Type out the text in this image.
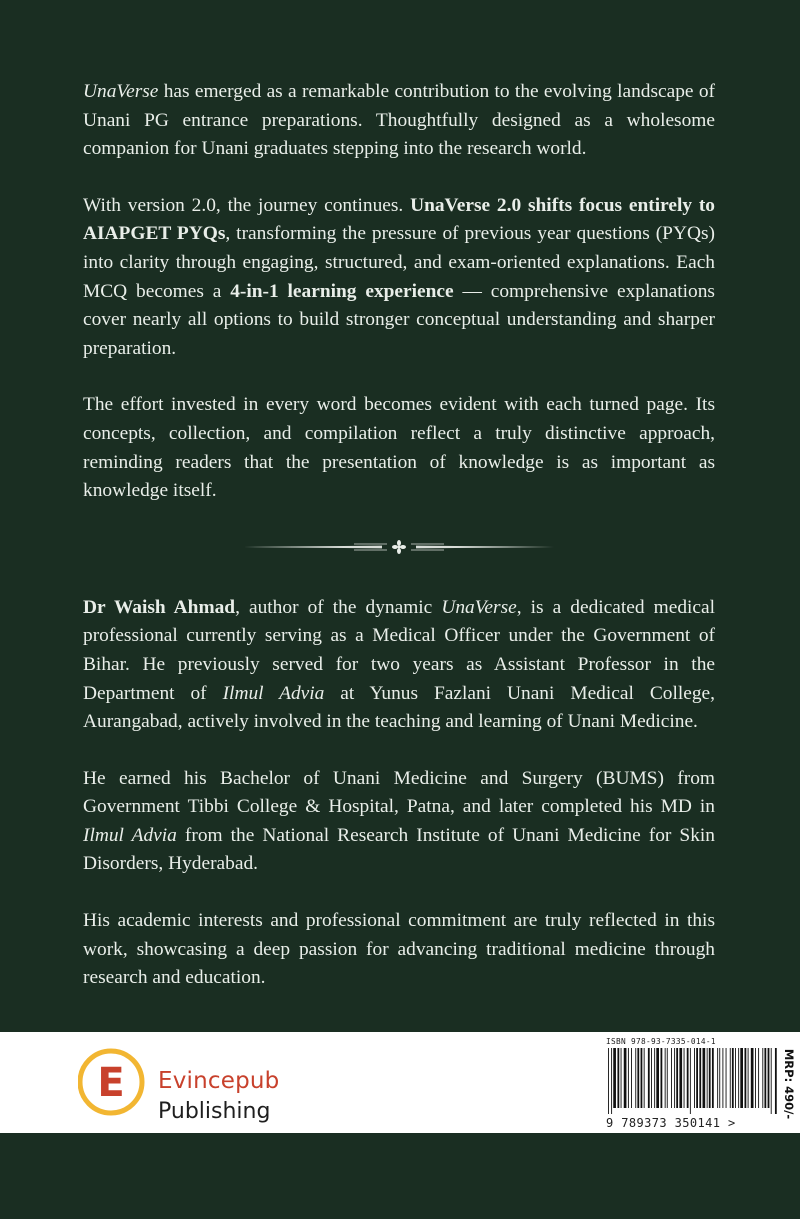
UnaVerse has emerged as a remarkable contribution to the evolving landscape of Unani PG entrance preparations. Thoughtfully designed as a wholesome companion for Unani graduates stepping into the research world.

With version 2.0, the journey continues. UnaVerse 2.0 shifts focus entirely to AIAPGET PYQs, transforming the pressure of previous year questions (PYQs) into clarity through engaging, structured, and exam-oriented explanations. Each MCQ becomes a 4-in-1 learning experience — comprehensive explanations cover nearly all options to build stronger conceptual understanding and sharper preparation.

The effort invested in every word becomes evident with each turned page. Its concepts, collection, and compilation reflect a truly distinctive approach, reminding readers that the presentation of knowledge is as important as knowledge itself.

Dr Waish Ahmad, author of the dynamic UnaVerse, is a dedicated medical professional currently serving as a Medical Officer under the Government of Bihar. He previously served for two years as Assistant Professor in the Department of Ilmul Advia at Yunus Fazlani Unani Medical College, Aurangabad, actively involved in the teaching and learning of Unani Medicine.

He earned his Bachelor of Unani Medicine and Surgery (BUMS) from Government Tibbi College & Hospital, Patna, and later completed his MD in Ilmul Advia from the National Research Institute of Unani Medicine for Skin Disorders, Hyderabad.

His academic interests and professional commitment are truly reflected in this work, showcasing a deep passion for advancing traditional medicine through research and education.

E Evincepub
Publishing
ISBN 978-93-7335-014-1
9 789373 350141 >
MRP: 490/-
